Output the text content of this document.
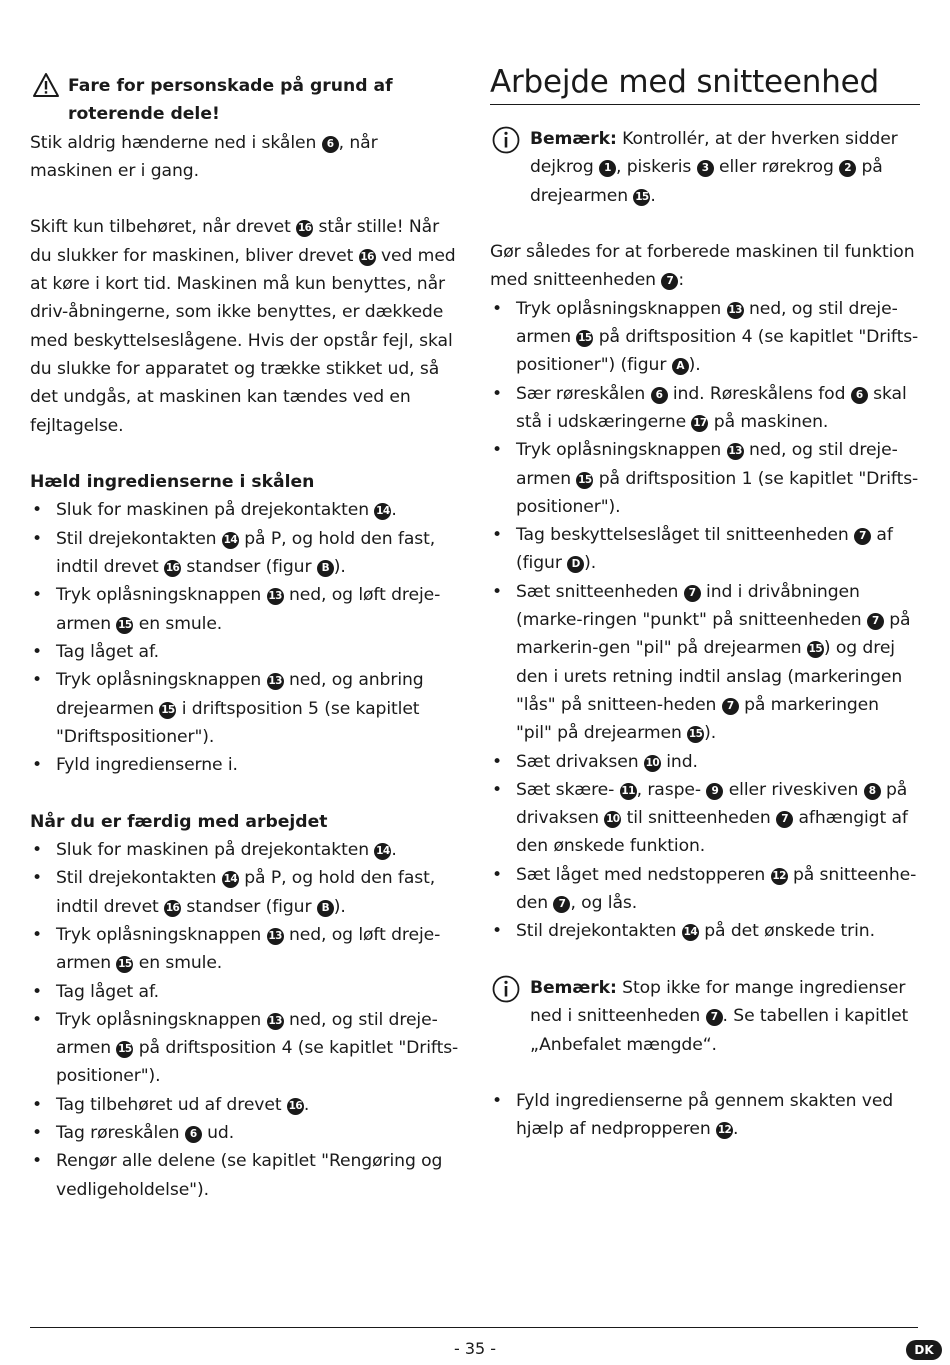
Fare for personskade på grund af roterende dele!

Stik aldrig hænderne ned i skålen 6 , når maskinen er i gang.

Skift kun tilbehøret, når drevet 16 står stille! Når du slukker for maskinen, bliver drevet 16 ved med at køre i kort tid. Maskinen må kun benyttes, når driv-åbningerne, som ikke benyttes, er dækkede med beskyttelseslågene. Hvis der opstår fejl, skal du slukke for apparatet og trække stikket ud, så det undgås, at maskinen kan tændes ved en fejltagelse.

Hæld ingredienserne i skålen
• Sluk for maskinen på drejekontakten 14 .
• Stil drejekontakten 14 på P, og hold den fast, indtil drevet 16 standser (figur B ).
• Tryk oplåsningsknappen 13 ned, og løft dreje-armen 15 en smule.
• Tag låget af.
• Tryk oplåsningsknappen 13 ned, og anbring drejearmen 15 i driftsposition 5 (se kapitlet "Driftspositioner").
• Fyld ingredienserne i.
Når du er færdig med arbejdet
• Sluk for maskinen på drejekontakten 14 .
• Stil drejekontakten 14 på P, og hold den fast, indtil drevet 16 standser (figur B ).
• Tryk oplåsningsknappen 13 ned, og løft dreje-armen 15 en smule.
• Tag låget af.
• Tryk oplåsningsknappen 13 ned, og stil dreje-armen 15 på driftsposition 4 (se kapitlet "Drifts-positioner").
• Tag tilbehøret ud af drevet 16 .
• Tag røreskålen 6 ud.
• Rengør alle delene (se kapitlet "Rengøring og vedligeholdelse").
Arbejde med snitteenhed

Bemærk: Kontrollér, at der hverken sidder dejkrog 1 , piskeris 3 eller rørekrog 2 på drejearmen 15 .

Gør således for at forberede maskinen til funktion med snitteenheden 7 :

• Tryk oplåsningsknappen 13 ned, og stil dreje-armen 15 på driftsposition 4 (se kapitlet "Drifts-positioner") (figur A ).
• Sær røreskålen 6 ind. Røreskålens fod 6 skal stå i udskæringerne 17 på maskinen.
• Tryk oplåsningsknappen 13 ned, og stil dreje-armen 15 på driftsposition 1 (se kapitlet "Drifts-positioner").
• Tag beskyttelseslåget til snitteenheden 7 af (figur D ).
• Sæt snitteenheden 7 ind i drivåbningen (marke-ringen "punkt" på snitteenheden 7 på markerin-gen "pil" på drejearmen 15 ) og drej den i urets retning indtil anslag (markeringen "lås" på snitteen-heden 7 på markeringen "pil" på drejearmen 15 ).
• Sæt drivaksen 10 ind.
• Sæt skære- 11 , raspe- 9 eller riveskiven 8 på drivaksen 10 til snitteenheden 7 afhængigt af den ønskede funktion.
• Sæt låget med nedstopperen 12 på snitteenhe-den 7 , og lås.
• Stil drejekontakten 14 på det ønskede trin.

Bemærk: Stop ikke for mange ingredienser ned i snitteenheden 7 . Se tabellen i kapitlet „Anbefalet mængde“.

• Fyld ingredienserne på gennem skakten ved hjælp af nedpropperen 12 .
- 35 -	DK
